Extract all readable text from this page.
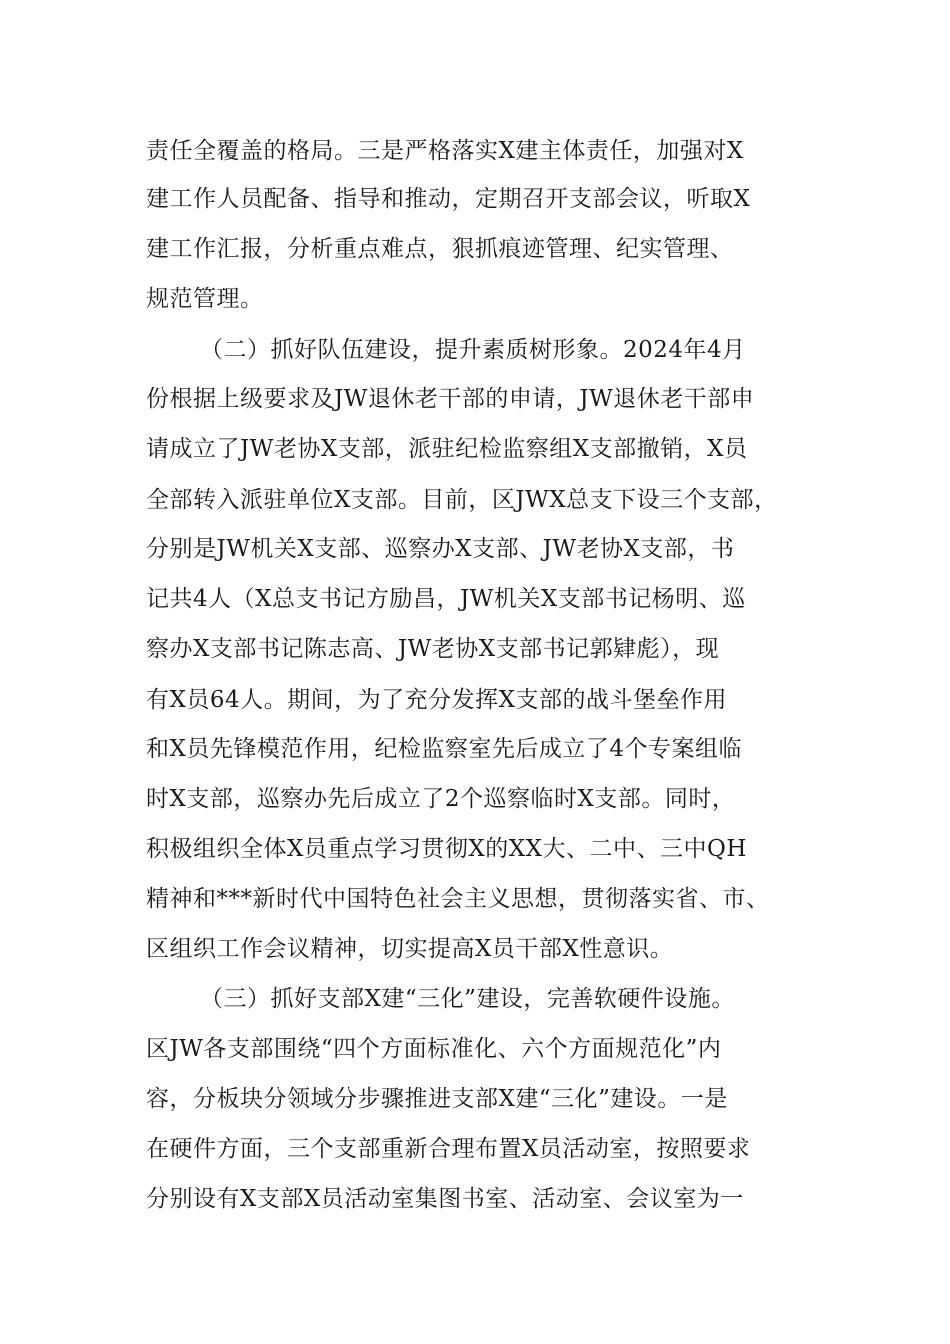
责任全覆盖的格局。三是严格落实X建主体责任，加强对X
建工作人员配备、指导和推动，定期召开支部会议，听取X
建工作汇报，分析重点难点，狠抓痕迹管理、纪实管理、
规范管理。
（二）抓好队伍建设，提升素质树形象。2024年4月
份根据上级要求及JW退休老干部的申请，JW退休老干部申
请成立了JW老协X支部，派驻纪检监察组X支部撤销，X员
全部转入派驻单位X支部。目前，区JWX总支下设三个支部，
分别是JW机关X支部、巡察办X支部、JW老协X支部，书
记共4人（X总支书记方励昌，JW机关X支部书记杨明、巡
察办X支部书记陈志高、JW老协X支部书记郭肄彪），现
有X员64人。期间，为了充分发挥X支部的战斗堡垒作用
和X员先锋模范作用，纪检监察室先后成立了4个专案组临
时X支部，巡察办先后成立了2个巡察临时X支部。同时，
积极组织全体X员重点学习贯彻X的XX大、二中、三中QH
精神和***新时代中国特色社会主义思想，贯彻落实省、市、
区组织工作会议精神，切实提高X员干部X性意识。
（三）抓好支部X建“三化”建设，完善软硬件设施。
区JW各支部围绕“四个方面标准化、六个方面规范化”内
容，分板块分领域分步骤推进支部X建“三化”建设。一是
在硬件方面，三个支部重新合理布置X员活动室，按照要求
分别设有X支部X员活动室集图书室、活动室、会议室为一
